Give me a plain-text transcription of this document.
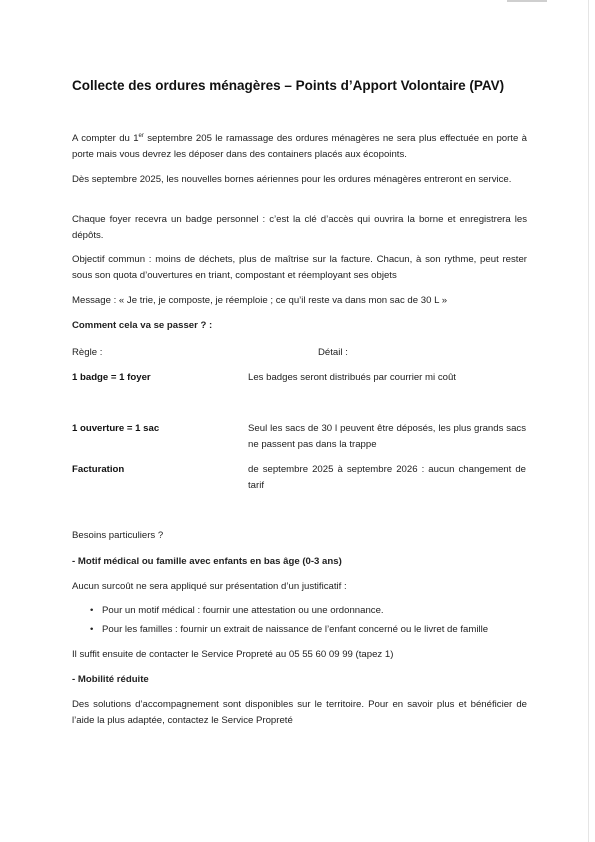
Collecte des ordures ménagères – Points d’Apport Volontaire (PAV)
A compter du 1er septembre 205 le ramassage des ordures ménagères ne sera plus effectuée en porte à porte mais vous devrez les déposer dans des containers placés aux écopoints.
Dès septembre 2025, les nouvelles bornes aériennes pour les ordures ménagères entreront en service.
Chaque foyer recevra un badge personnel : c’est la clé d’accès qui ouvrira la borne et enregistrera les dépôts.
Objectif commun : moins de déchets, plus de maîtrise sur la facture. Chacun, à son rythme, peut rester sous son quota d’ouvertures en triant, compostant et réemployant ses objets
Message : « Je trie, je composte, je réemploie ; ce qu’il reste va dans mon sac de 30 L »
Comment cela va se passer ? :
Règle :	Détail :
1 badge = 1 foyer	Les badges seront distribués par courrier mi coût
1 ouverture = 1 sac	Seul les sacs de 30 l peuvent être déposés, les plus grands sacs ne passent pas dans la trappe
Facturation	de septembre 2025 à septembre 2026 : aucun changement de tarif
Besoins particuliers ?
- Motif médical ou famille avec enfants en bas âge (0-3 ans)
Aucun surcoût ne sera appliqué sur présentation d’un justificatif :
• Pour un motif médical : fournir une attestation ou une ordonnance.
• Pour les familles : fournir un extrait de naissance de l’enfant concerné ou le livret de famille
Il suffit ensuite de contacter le Service Propreté au 05 55 60 09 99 (tapez 1)
- Mobilité réduite
Des solutions d’accompagnement sont disponibles sur le territoire. Pour en savoir plus et bénéficier de l’aide la plus adaptée, contactez le Service Propreté
